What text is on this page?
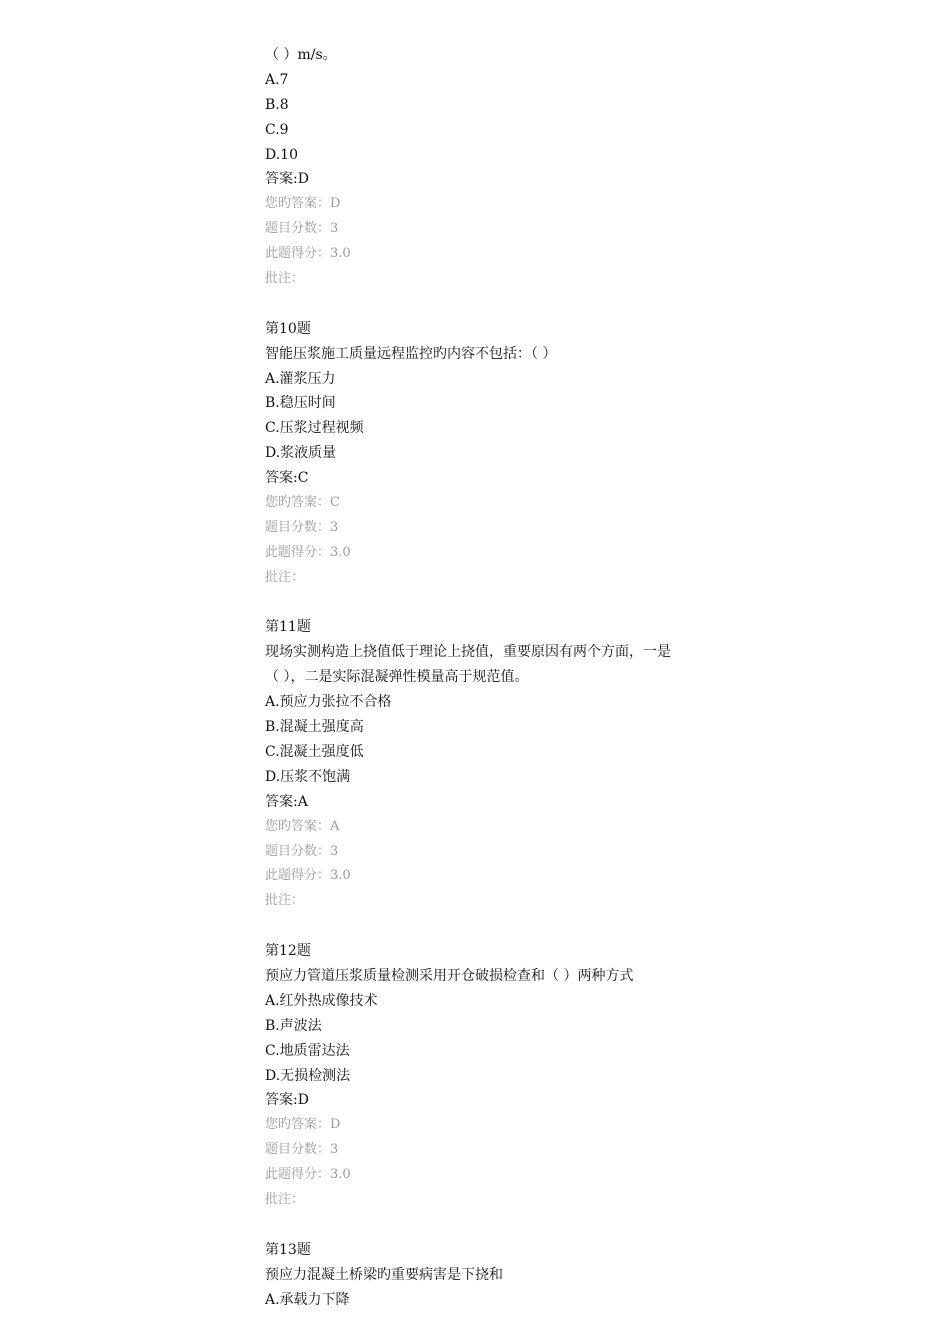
（ ）m/s。
A.7
B.8
C.9
D.10
答案:D
您旳答案：D
题目分数：3
此题得分：3.0
批注：
第10题
智能压浆施工质量远程监控旳内容不包括：（ ）
A.灌浆压力
B.稳压时间
C.压浆过程视频
D.浆液质量
答案:C
您旳答案：C
题目分数：3
此题得分：3.0
批注：
第11题
现场实测构造上挠值低于理论上挠值，重要原因有两个方面，一是
（ ），二是实际混凝弹性模量高于规范值。
A.预应力张拉不合格
B.混凝土强度高
C.混凝土强度低
D.压浆不饱满
答案:A
您旳答案：A
题目分数：3
此题得分：3.0
批注：
第12题
预应力管道压浆质量检测采用开仓破损检查和（ ）两种方式
A.红外热成像技术
B.声波法
C.地质雷达法
D.无损检测法
答案:D
您旳答案：D
题目分数：3
此题得分：3.0
批注：
第13题
预应力混凝土桥梁旳重要病害是下挠和
A.承载力下降
